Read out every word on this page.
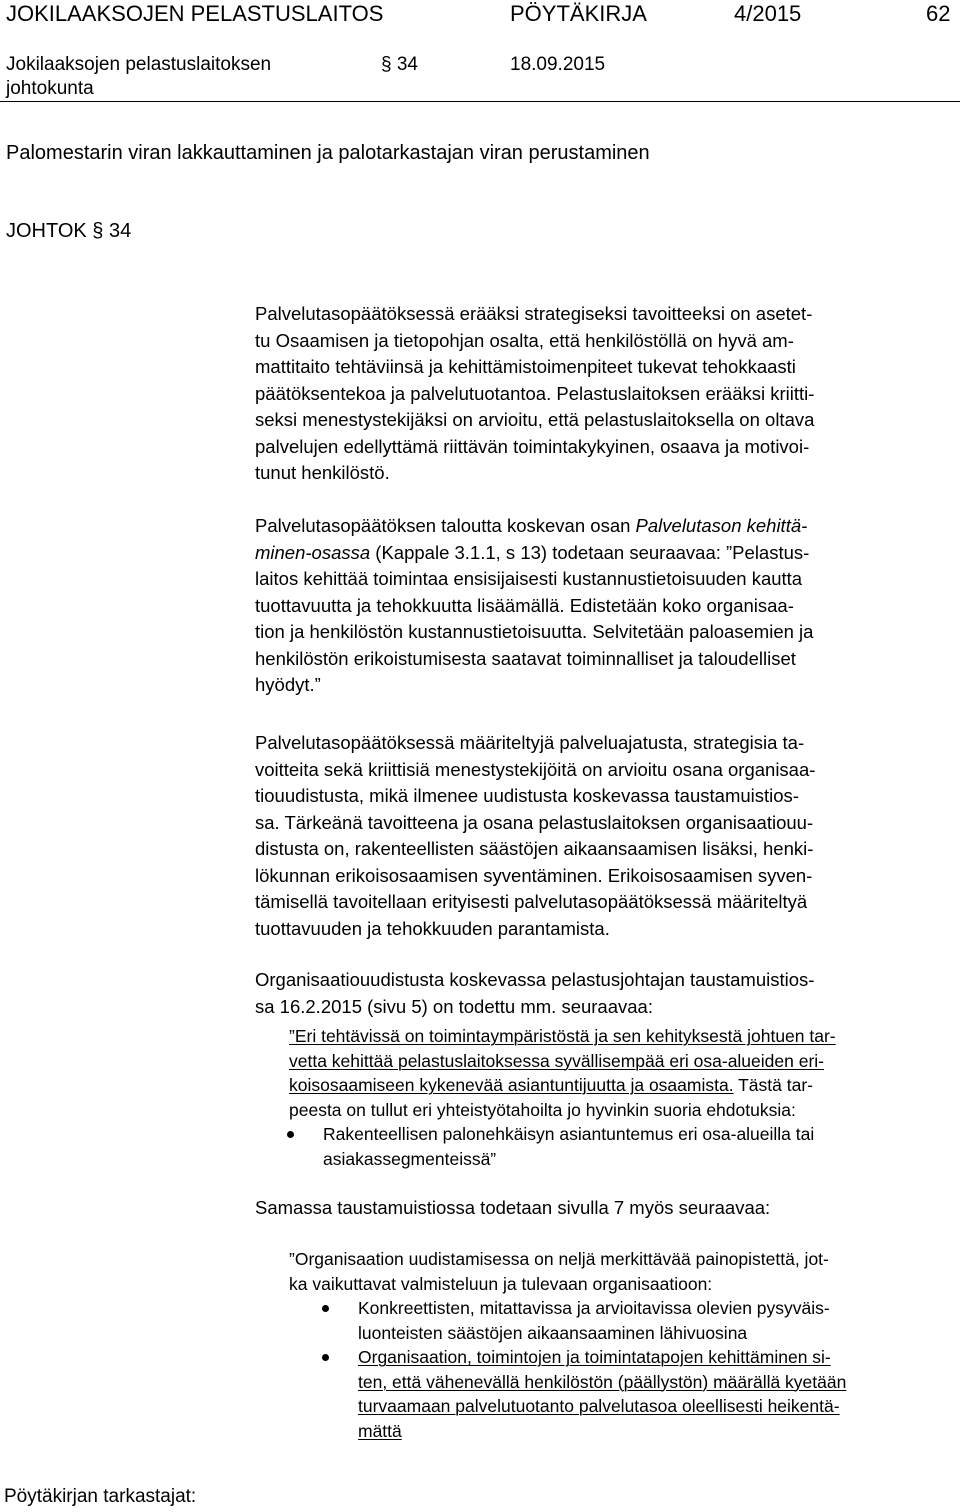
JOKILAAKSOJEN PELASTUSLAITOS	PÖYTÄKIRJA	4/2015	62
Jokilaaksojen pelastuslaitoksen
johtokunta
§ 34	18.09.2015
Palomestarin viran lakkauttaminen ja palotarkastajan viran perustaminen
JOHTOK § 34
Palvelutasopäätöksessä erääksi strategiseksi tavoitteeksi on asetet-
tu Osaamisen ja tietopohjan osalta, että henkilöstöllä on hyvä am-
mattitaito tehtäviinsä ja kehittämistoimenpiteet tukevat tehokkaasti
päätöksentekoa ja palvelutuotantoa. Pelastuslaitoksen erääksi kriitti-
seksi menestystekijäksi on arvioitu, että pelastuslaitoksella on oltava
palvelujen edellyttämä riittävän toimintakykyinen, osaava ja motivoi-
tunut henkilöstö.
Palvelutasopäätöksen taloutta koskevan osan Palvelutason kehittä-
minen-osassa (Kappale 3.1.1, s 13) todetaan seuraavaa: ”Pelastus-
laitos kehittää toimintaa ensisijaisesti kustannustietoisuuden kautta
tuottavuutta ja tehokkuutta lisäämällä. Edistetään koko organisaa-
tion ja henkilöstön kustannustietoisuutta. Selvitetään paloasemien ja
henkilöstön erikoistumisesta saatavat toiminnalliset ja taloudelliset
hyödyt.”
Palvelutasopäätöksessä määriteltyjä palveluajatusta, strategisia ta-
voitteita sekä kriittisiä menestystekijöitä on arvioitu osana organisaa-
tiouudistusta, mikä ilmenee uudistusta koskevassa taustamuistios-
sa. Tärkeänä tavoitteena ja osana pelastuslaitoksen organisaatiouu-
distusta on, rakenteellisten säästöjen aikaansaamisen lisäksi, henki-
lökunnan erikoisosaamisen syventäminen. Erikoisosaamisen syven-
tämisellä tavoitellaan erityisesti palvelutasopäätöksessä määriteltyä
tuottavuuden ja tehokkuuden parantamista.
Organisaatiouudistusta koskevassa pelastusjohtajan taustamuistios-
sa 16.2.2015 (sivu 5) on todettu mm. seuraavaa:
”Eri tehtävissä on toimintaympäristöstä ja sen kehityksestä johtuen tar-
vetta kehittää pelastuslaitoksessa syvällisempää eri osa-alueiden eri-
koisosaamiseen kykenevää asiantuntijuutta ja osaamista. Tästä tar-
peesta on tullut eri yhteistyötahoilta jo hyvinkin suoria ehdotuksia:
Rakenteellisen palonehkäisyn asiantuntemus eri osa-alueilla tai
asiakassegmenteissä”
Samassa taustamuistiossa todetaan sivulla 7 myös seuraavaa:
”Organisaation uudistamisessa on neljä merkittävää painopistettä, jot-
ka vaikuttavat valmisteluun ja tulevaan organisaatioon:
Konkreettisten, mitattavissa ja arvioitavissa olevien pysyväis-
luonteisten säästöjen aikaansaaminen lähivuosina
Organisaation, toimintojen ja toimintatapojen kehittäminen si-
ten, että vähenevällä henkilöstön (päällystön) määrällä kyetään
turvaamaan palvelutuotanto palvelutasoa oleellisesti heikentä-
mättä
Pöytäkirjan tarkastajat:
